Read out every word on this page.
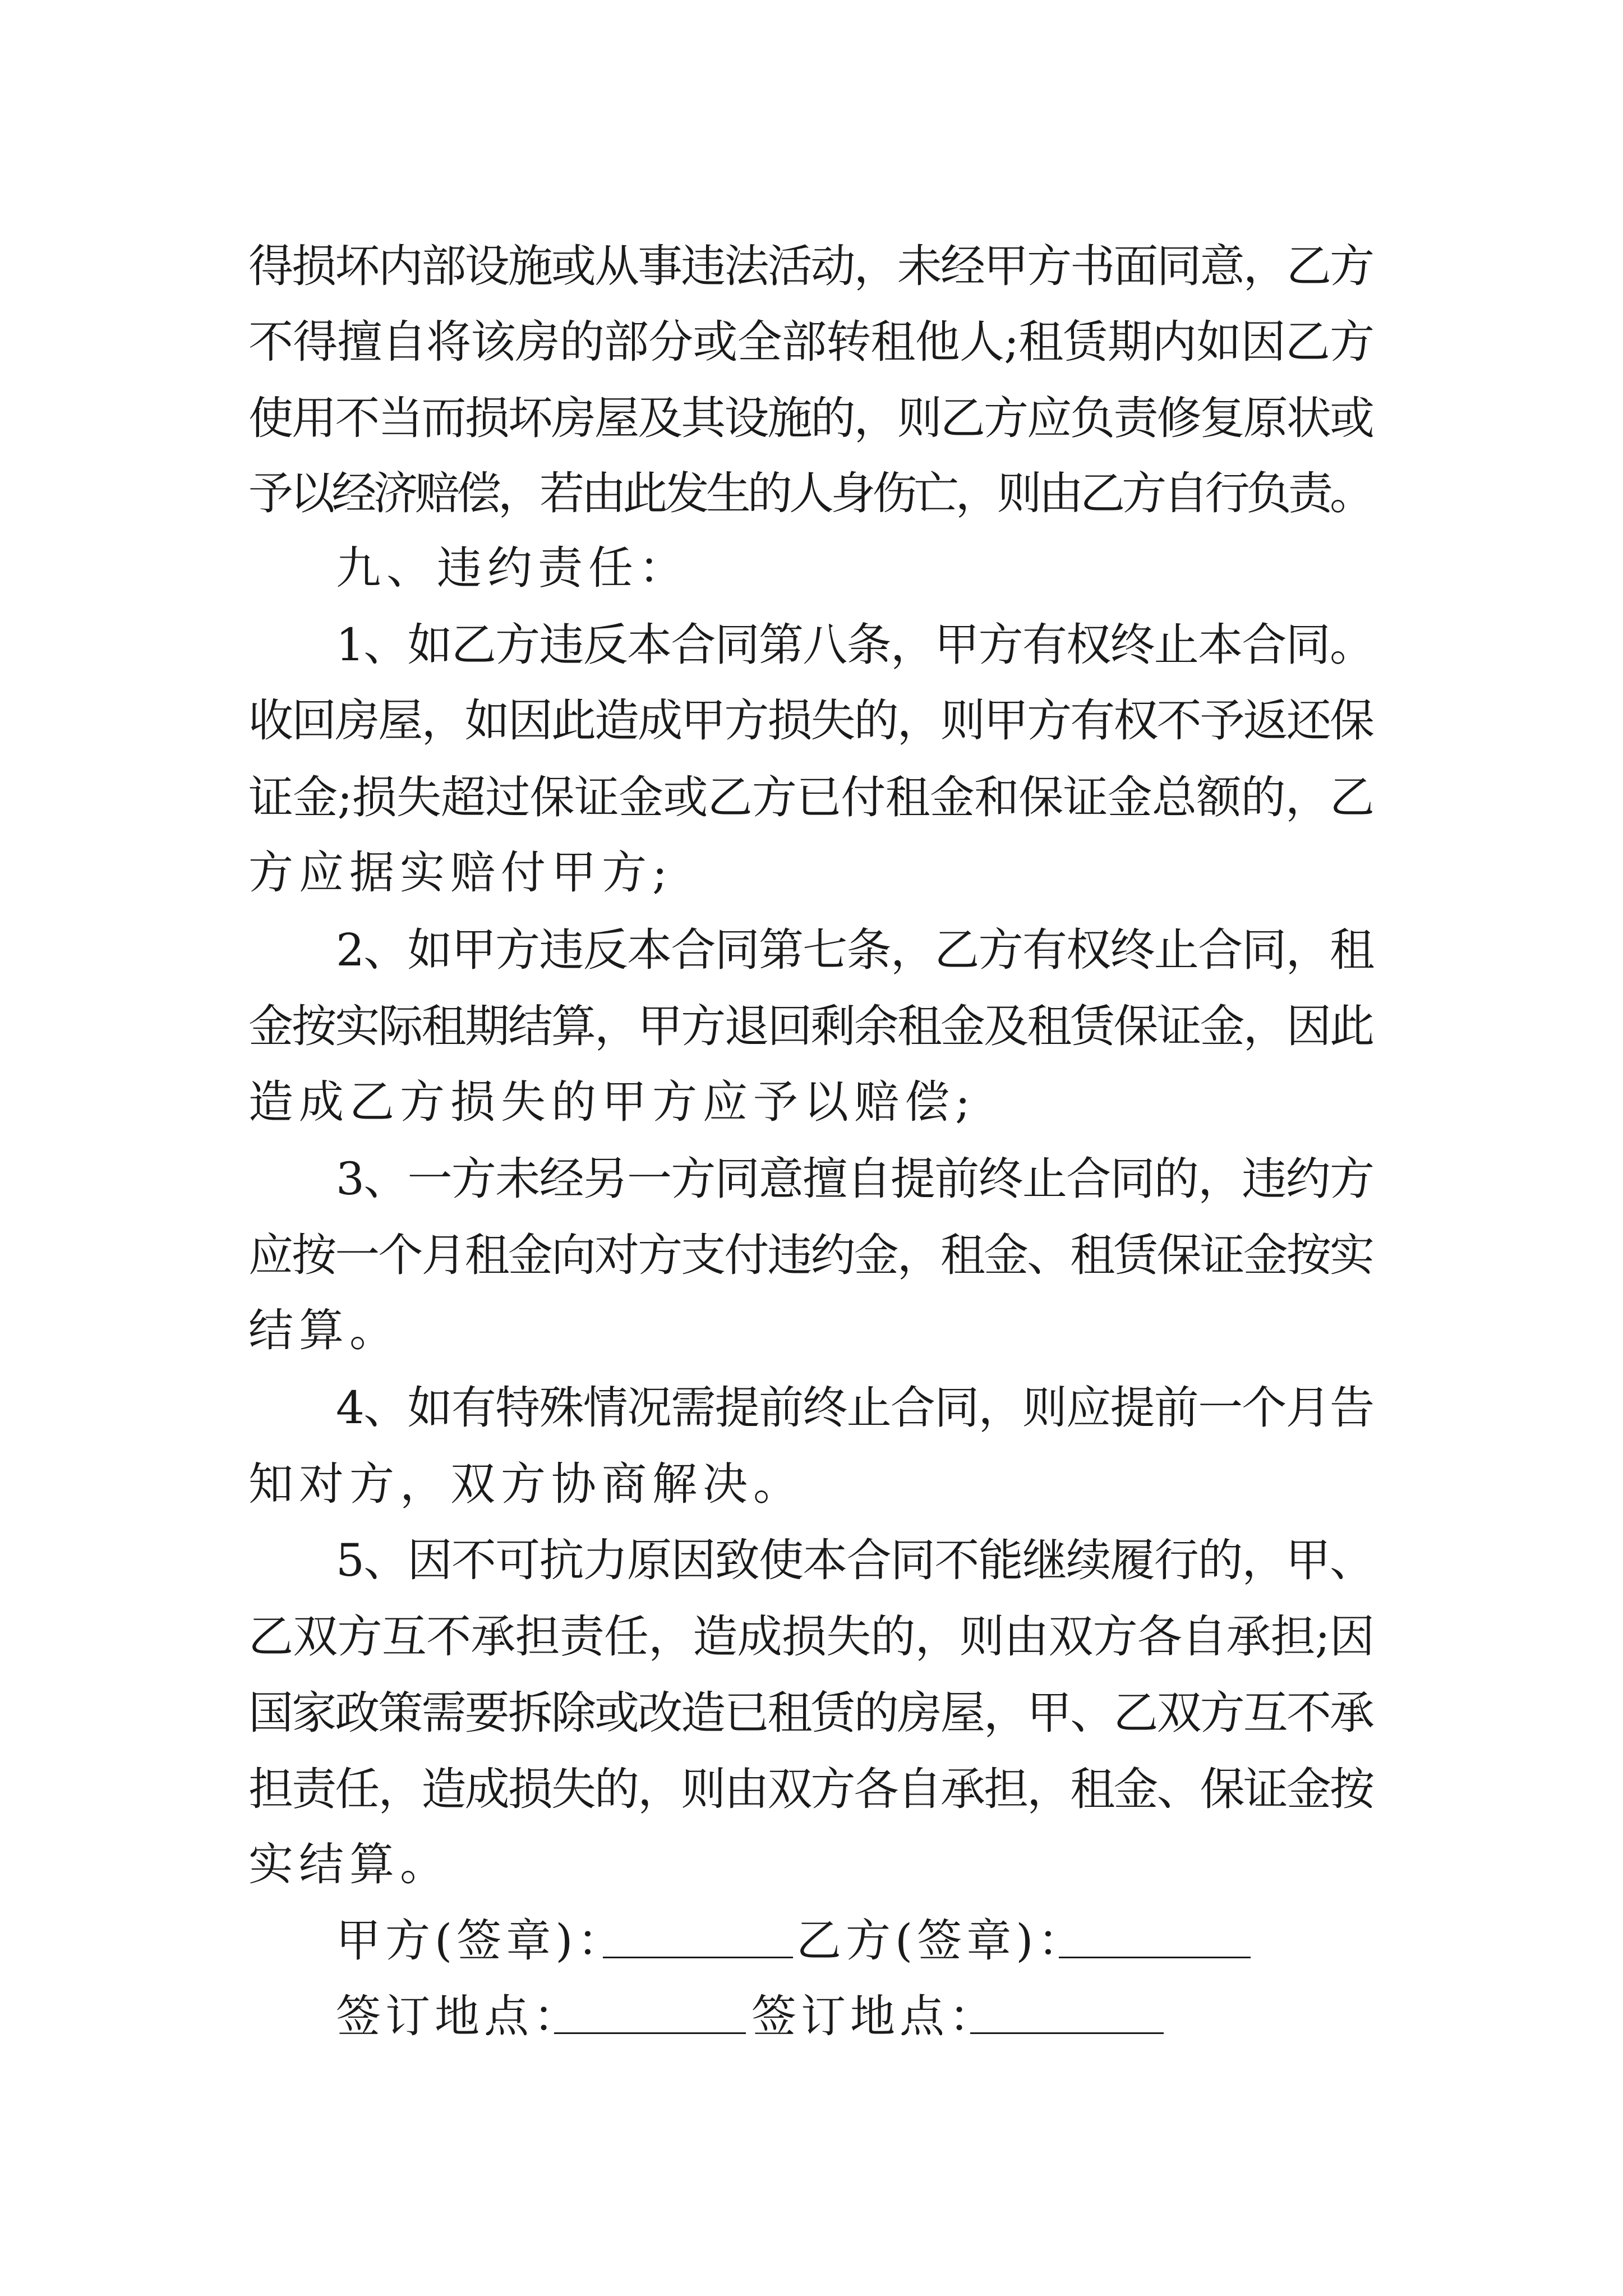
得损坏内部设施或从事违法活动，未经甲方书面同意，乙方
不得擅自将该房的部分或全部转租他人;租赁期内如因乙方
使用不当而损坏房屋及其设施的，则乙方应负责修复原状或
予以经济赔偿，若由此发生的人身伤亡，则由乙方自行负责。
九、违约责任：
1、如乙方违反本合同第八条，甲方有权终止本合同。
收回房屋，如因此造成甲方损失的，则甲方有权不予返还保
证金;损失超过保证金或乙方已付租金和保证金总额的，乙
方应据实赔付甲方;
2、如甲方违反本合同第七条，乙方有权终止合同，租
金按实际租期结算，甲方退回剩余租金及租赁保证金，因此
造成乙方损失的甲方应予以赔偿;
3、一方未经另一方同意擅自提前终止合同的，违约方
应按一个月租金向对方支付违约金，租金、租赁保证金按实
结算。
4、如有特殊情况需提前终止合同，则应提前一个月告
知对方，双方协商解决。
5、因不可抗力原因致使本合同不能继续履行的，甲、
乙双方互不承担责任，造成损失的，则由双方各自承担;因
国家政策需要拆除或改造已租赁的房屋，甲、乙双方互不承
担责任，造成损失的，则由双方各自承担，租金、保证金按
实结算。
甲方(签章)：	乙方(签章)：
签订地点：	签订地点：
